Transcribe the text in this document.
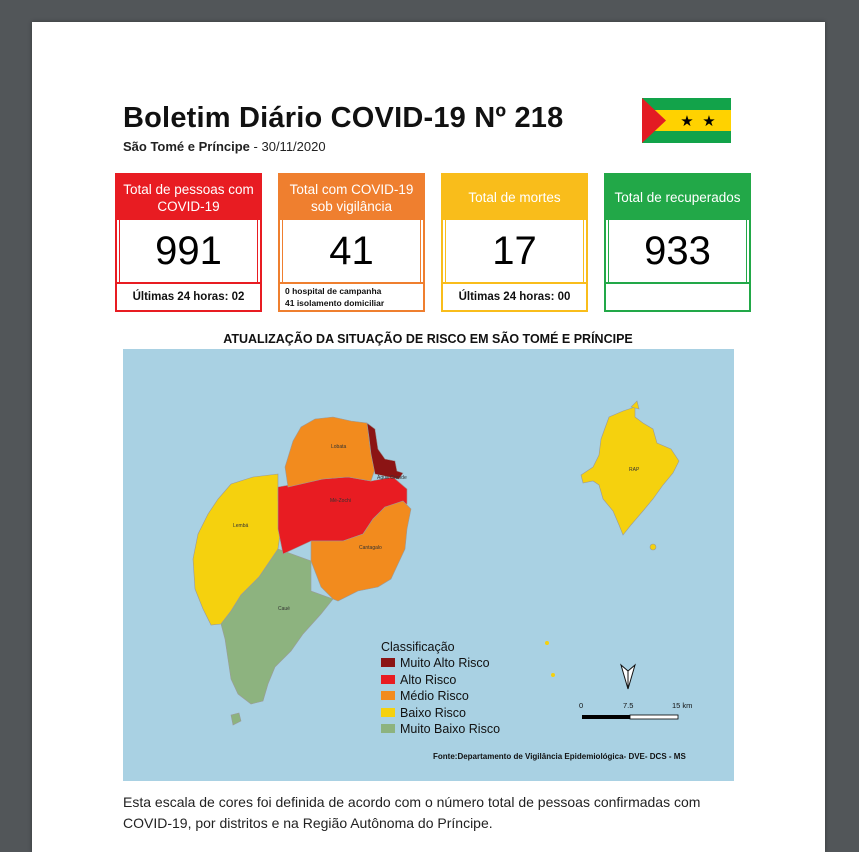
Boletim Diário COVID-19 Nº 218
São Tomé e Príncipe - 30/11/2020
★ ★
Total de pessoas com COVID-19
991
Últimas 24 horas: 02
Total com COVID-19 sob vigilância
41
0 hospital de campanha
41 isolamento domiciliar
Total de mortes
17
Últimas 24 horas: 00
Total de recuperados
933
ATUALIZAÇÃO DA SITUAÇÃO DE RISCO EM SÃO TOMÉ E PRÍNCIPE
Lobata
Água Grande
Mé-Zochi
Lembá
Cantagalo
Caué
RAP
Classificação
Muito Alto Risco
Alto Risco
Médio Risco
Baixo Risco
Muito Baixo Risco
0	7.5	15 km
Fonte:Departamento de Vigilância Epidemiológica- DVE- DCS - MS
Esta escala de cores foi definida de acordo com o número total de pessoas confirmadas com COVID-19, por distritos e na Região Autônoma do Príncipe.
